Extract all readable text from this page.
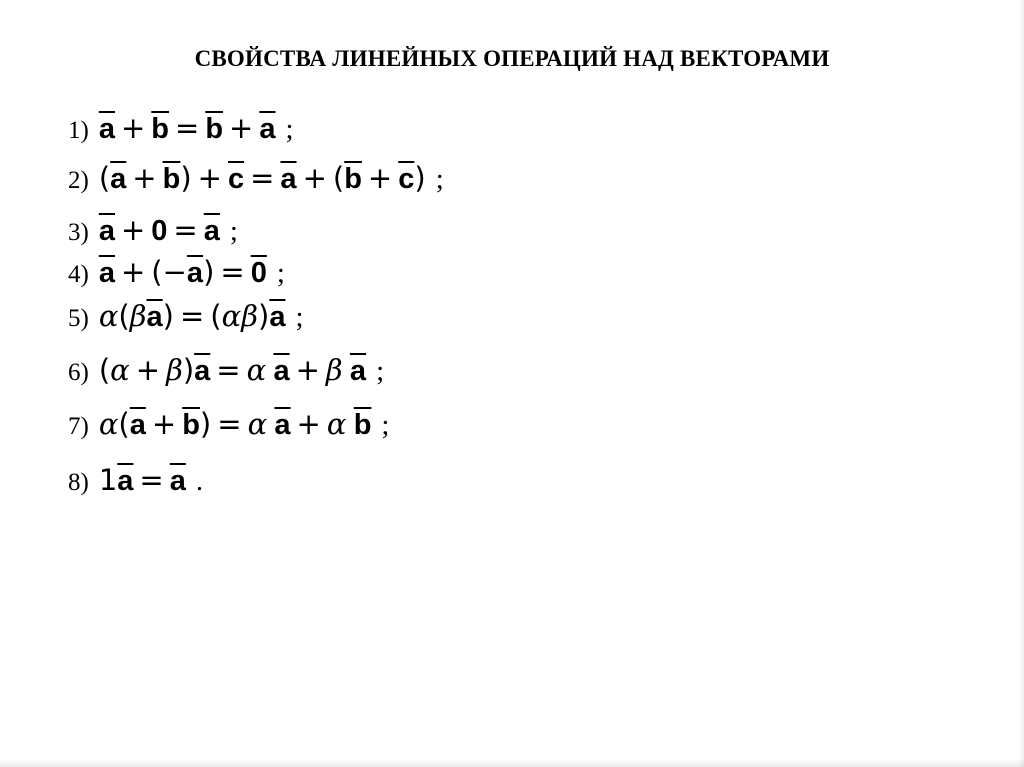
СВОЙСТВА ЛИНЕЙНЫХ ОПЕРАЦИЙ НАД ВЕКТОРАМИ
1) $\overline{a} + \overline{b} = \overline{b} + \overline{a}$ ;
2) $(\overline{a} + \overline{b}) + \overline{c} = \overline{a} + (\overline{b} + \overline{c})$ ;
3) $\overline{a} + 0 = \overline{a}$ ;
4) $\overline{a} + (-\overline{a}) = 0$ ;
5) $\alpha(\beta\overline{a}) = (\alpha\beta)\overline{a}$ ;
6) $(\alpha + \beta)\overline{a} = \alpha$ $\overline{a} + \beta$ $\overline{a}$ ;
7) $\alpha(\overline{a} + \overline{b}) = \alpha$ $\overline{a} + \alpha$ $\overline{b}$ ;
8) $1\overline{a} = \overline{a}$ .
